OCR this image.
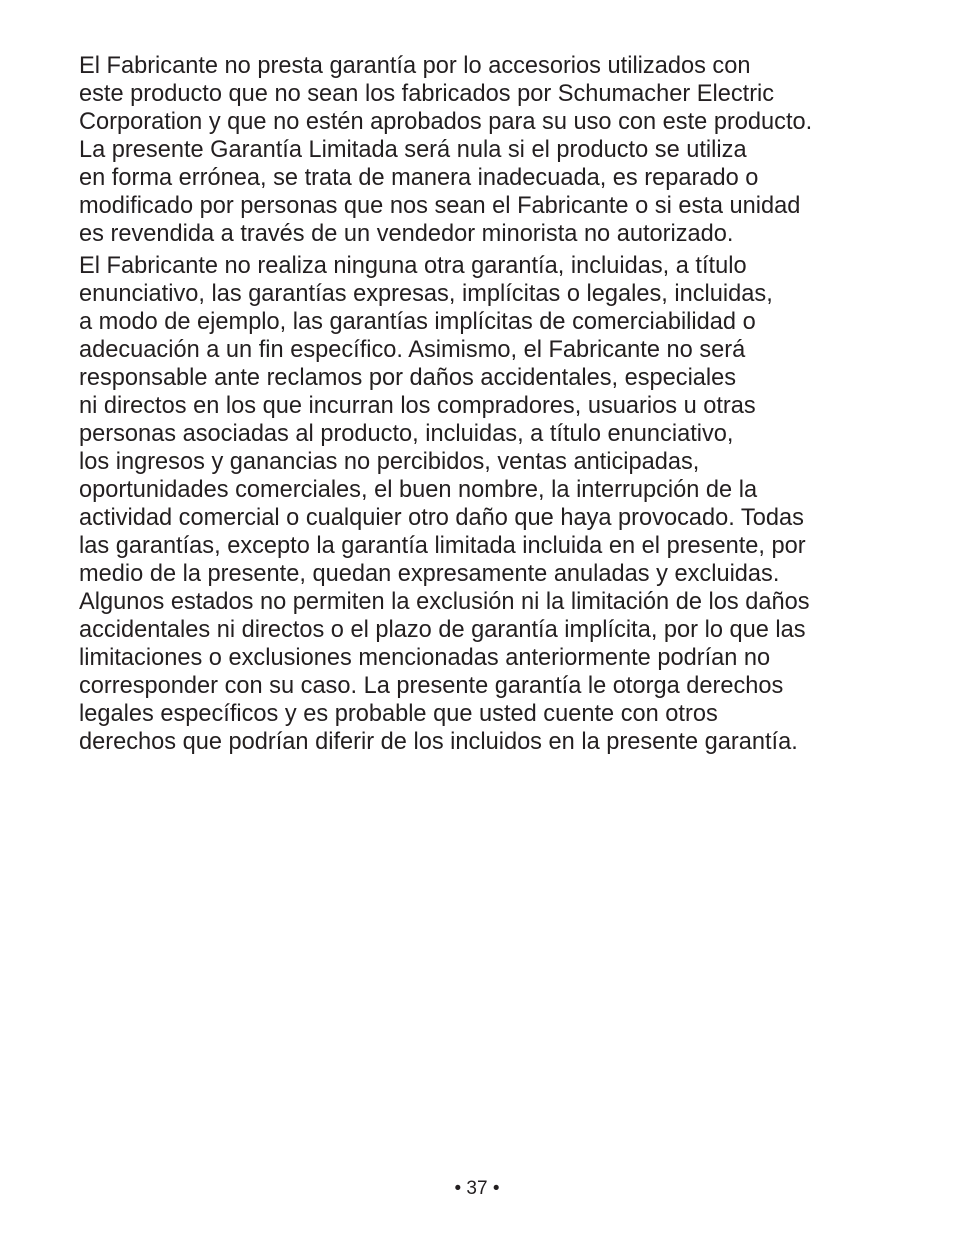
El Fabricante no presta garantía por lo accesorios utilizados con
este producto que no sean los fabricados por Schumacher Electric
Corporation y que no estén aprobados para su uso con este producto.
La presente Garantía Limitada será nula si el producto se utiliza
en forma errónea, se trata de manera inadecuada, es reparado o
modificado por personas que nos sean el Fabricante o si esta unidad
es revendida a través de un vendedor minorista no autorizado.
El Fabricante no realiza ninguna otra garantía, incluidas, a título
enunciativo, las garantías expresas, implícitas o legales, incluidas,
a modo de ejemplo, las garantías implícitas de comerciabilidad o
adecuación a un fin específico. Asimismo, el Fabricante no será
responsable ante reclamos por daños accidentales, especiales
ni directos en los que incurran los compradores, usuarios u otras
personas asociadas al producto, incluidas, a título enunciativo,
los ingresos y ganancias no percibidos, ventas anticipadas,
oportunidades comerciales, el buen nombre, la interrupción de la
actividad comercial o cualquier otro daño que haya provocado. Todas
las garantías, excepto la garantía limitada incluida en el presente, por
medio de la presente, quedan expresamente anuladas y excluidas.
Algunos estados no permiten la exclusión ni la limitación de los daños
accidentales ni directos o el plazo de garantía implícita, por lo que las
limitaciones o exclusiones mencionadas anteriormente podrían no
corresponder con su caso. La presente garantía le otorga derechos
legales específicos y es probable que usted cuente con otros
derechos que podrían diferir de los incluidos en la presente garantía.
• 37 •
